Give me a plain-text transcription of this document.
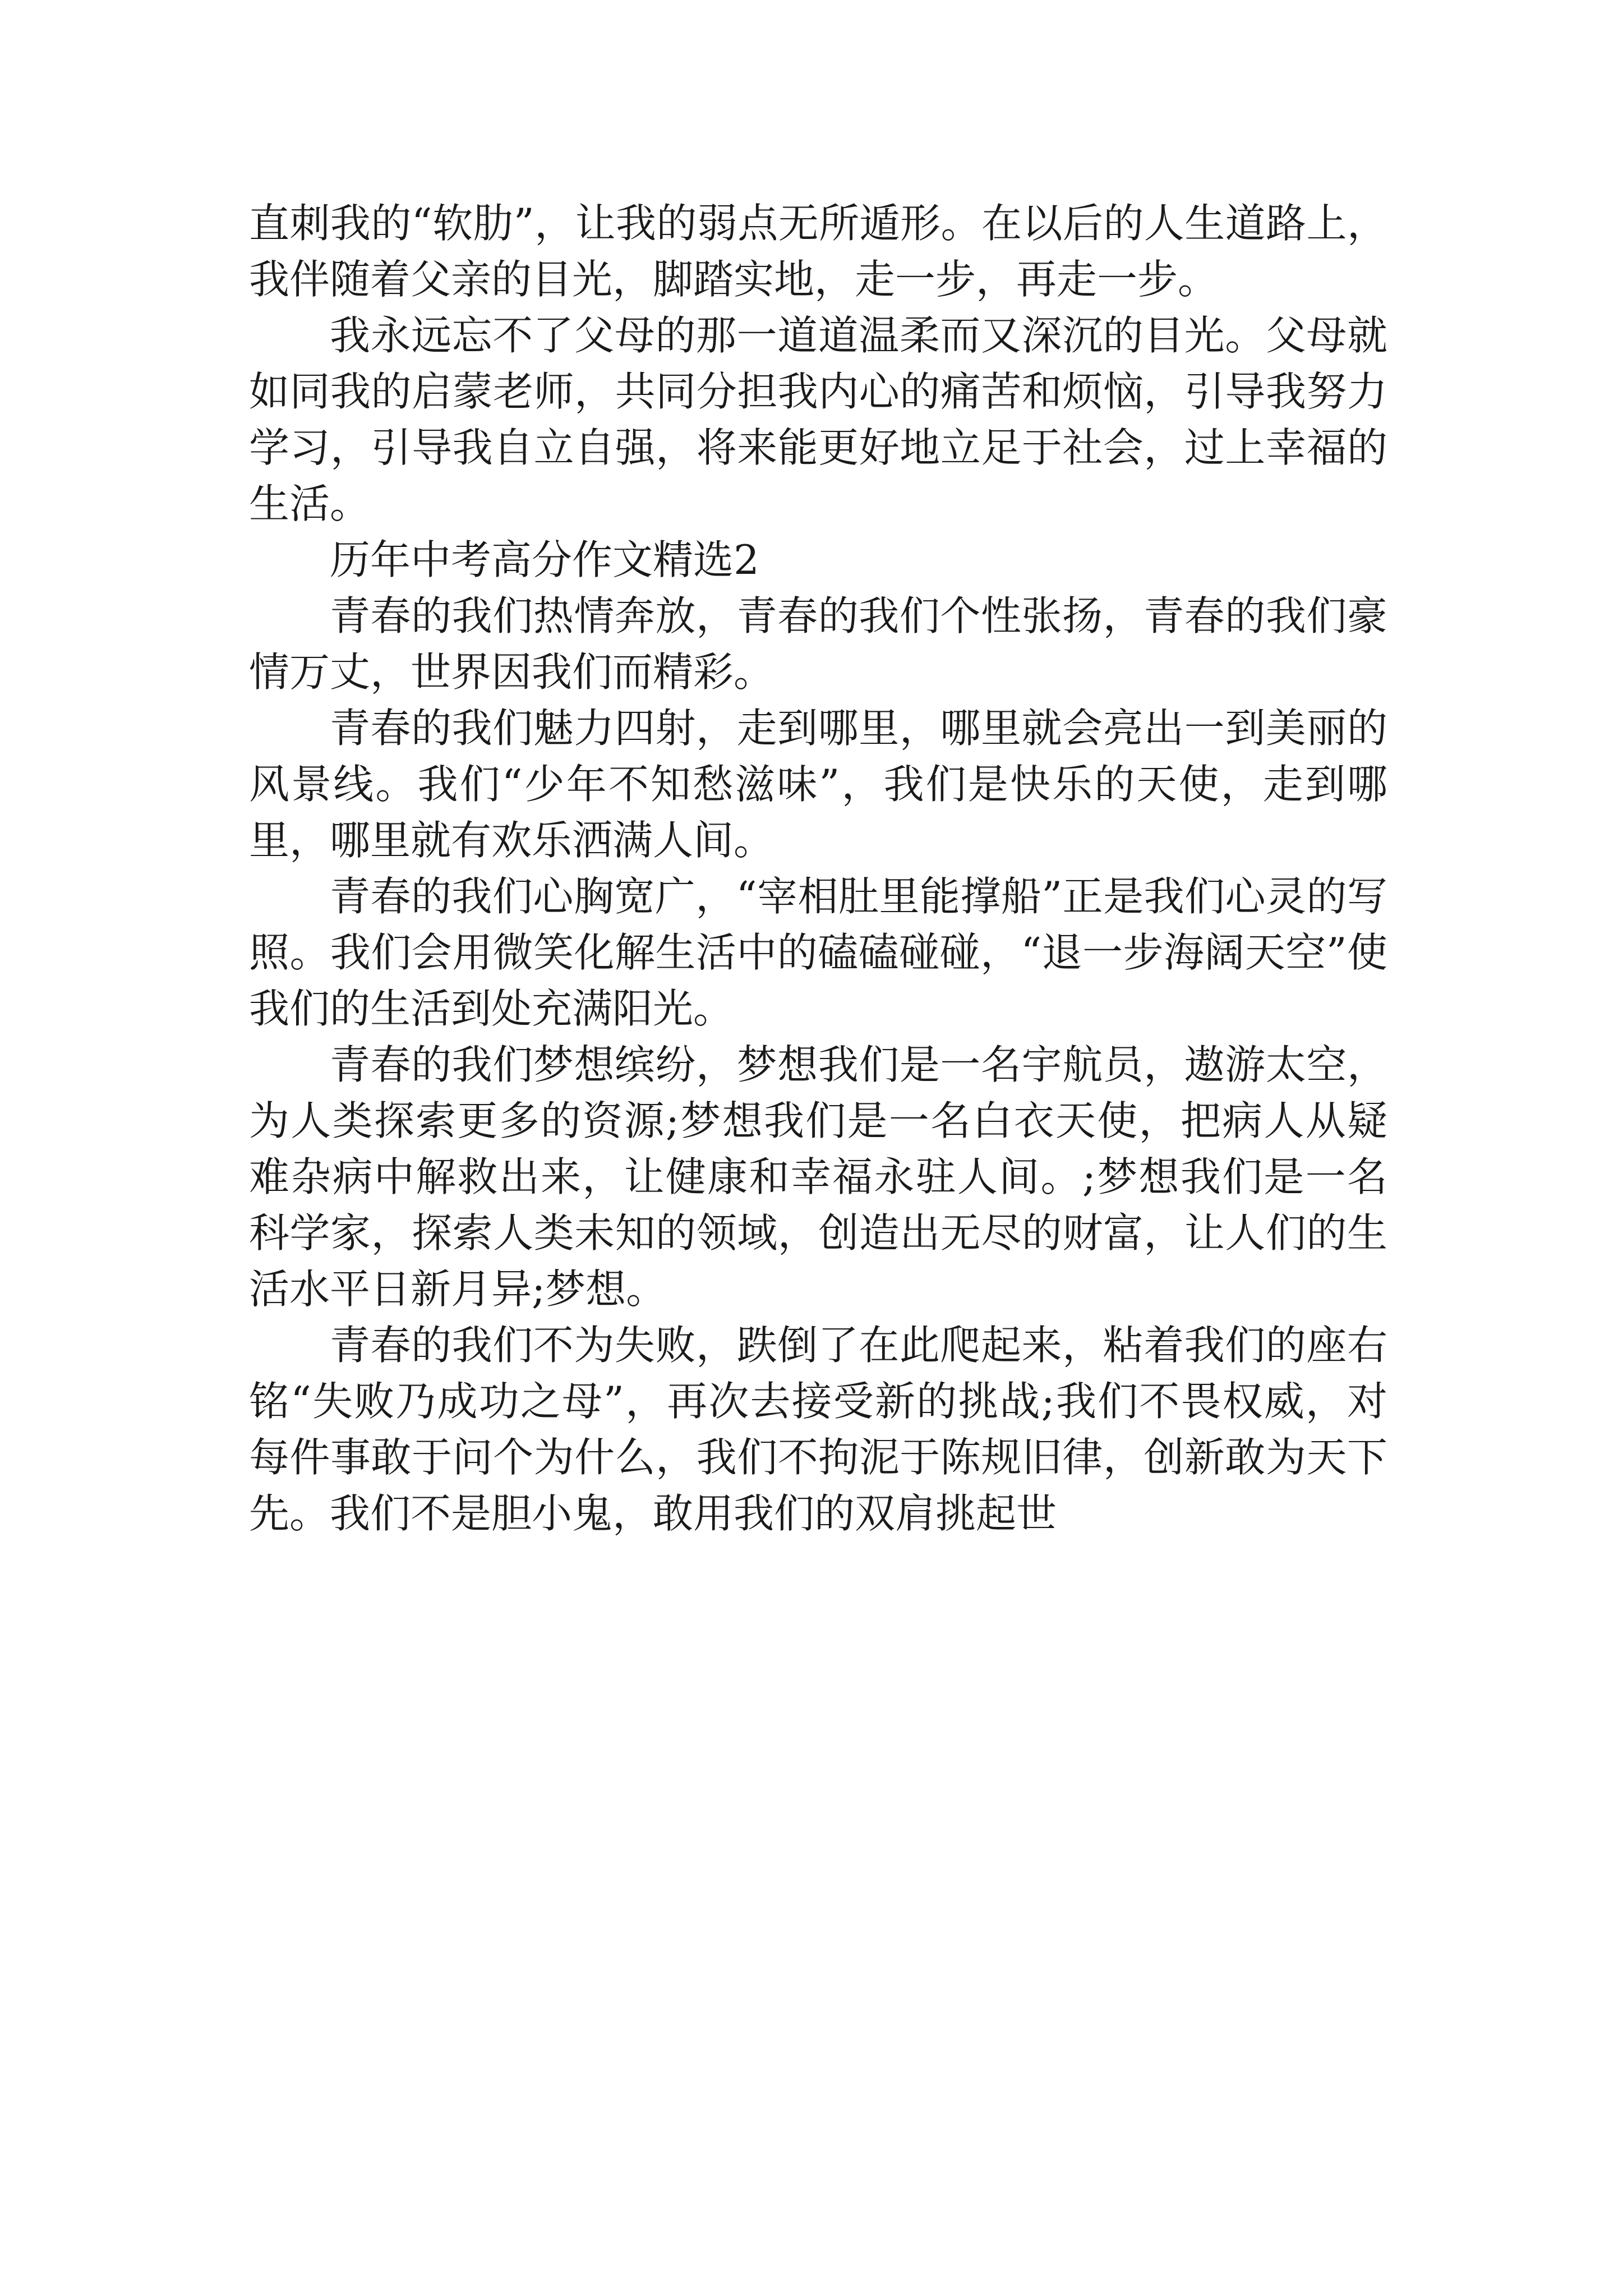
直刺我的“软肋”，让我的弱点无所遁形。在以后的人生道路上，我伴随着父亲的目光，脚踏实地，走一步，再走一步。

我永远忘不了父母的那一道道温柔而又深沉的目光。父母就如同我的启蒙老师，共同分担我内心的痛苦和烦恼，引导我努力学习，引导我自立自强，将来能更好地立足于社会，过上幸福的生活。

历年中考高分作文精选2

青春的我们热情奔放，青春的我们个性张扬，青春的我们豪情万丈，世界因我们而精彩。

青春的我们魅力四射，走到哪里，哪里就会亮出一到美丽的风景线。我们“少年不知愁滋味”，我们是快乐的天使，走到哪里，哪里就有欢乐洒满人间。

青春的我们心胸宽广，“宰相肚里能撑船”正是我们心灵的写照。我们会用微笑化解生活中的磕磕碰碰，“退一步海阔天空”使我们的生活到处充满阳光。

青春的我们梦想缤纷，梦想我们是一名宇航员，遨游太空，为人类探索更多的资源;梦想我们是一名白衣天使，把病人从疑难杂病中解救出来，让健康和幸福永驻人间。;梦想我们是一名科学家，探索人类未知的领域，创造出无尽的财富，让人们的生活水平日新月异;梦想。

青春的我们不为失败，跌倒了在此爬起来，粘着我们的座右铭“失败乃成功之母”，再次去接受新的挑战;我们不畏权威，对每件事敢于问个为什么，我们不拘泥于陈规旧律，创新敢为天下先。我们不是胆小鬼，敢用我们的双肩挑起世
